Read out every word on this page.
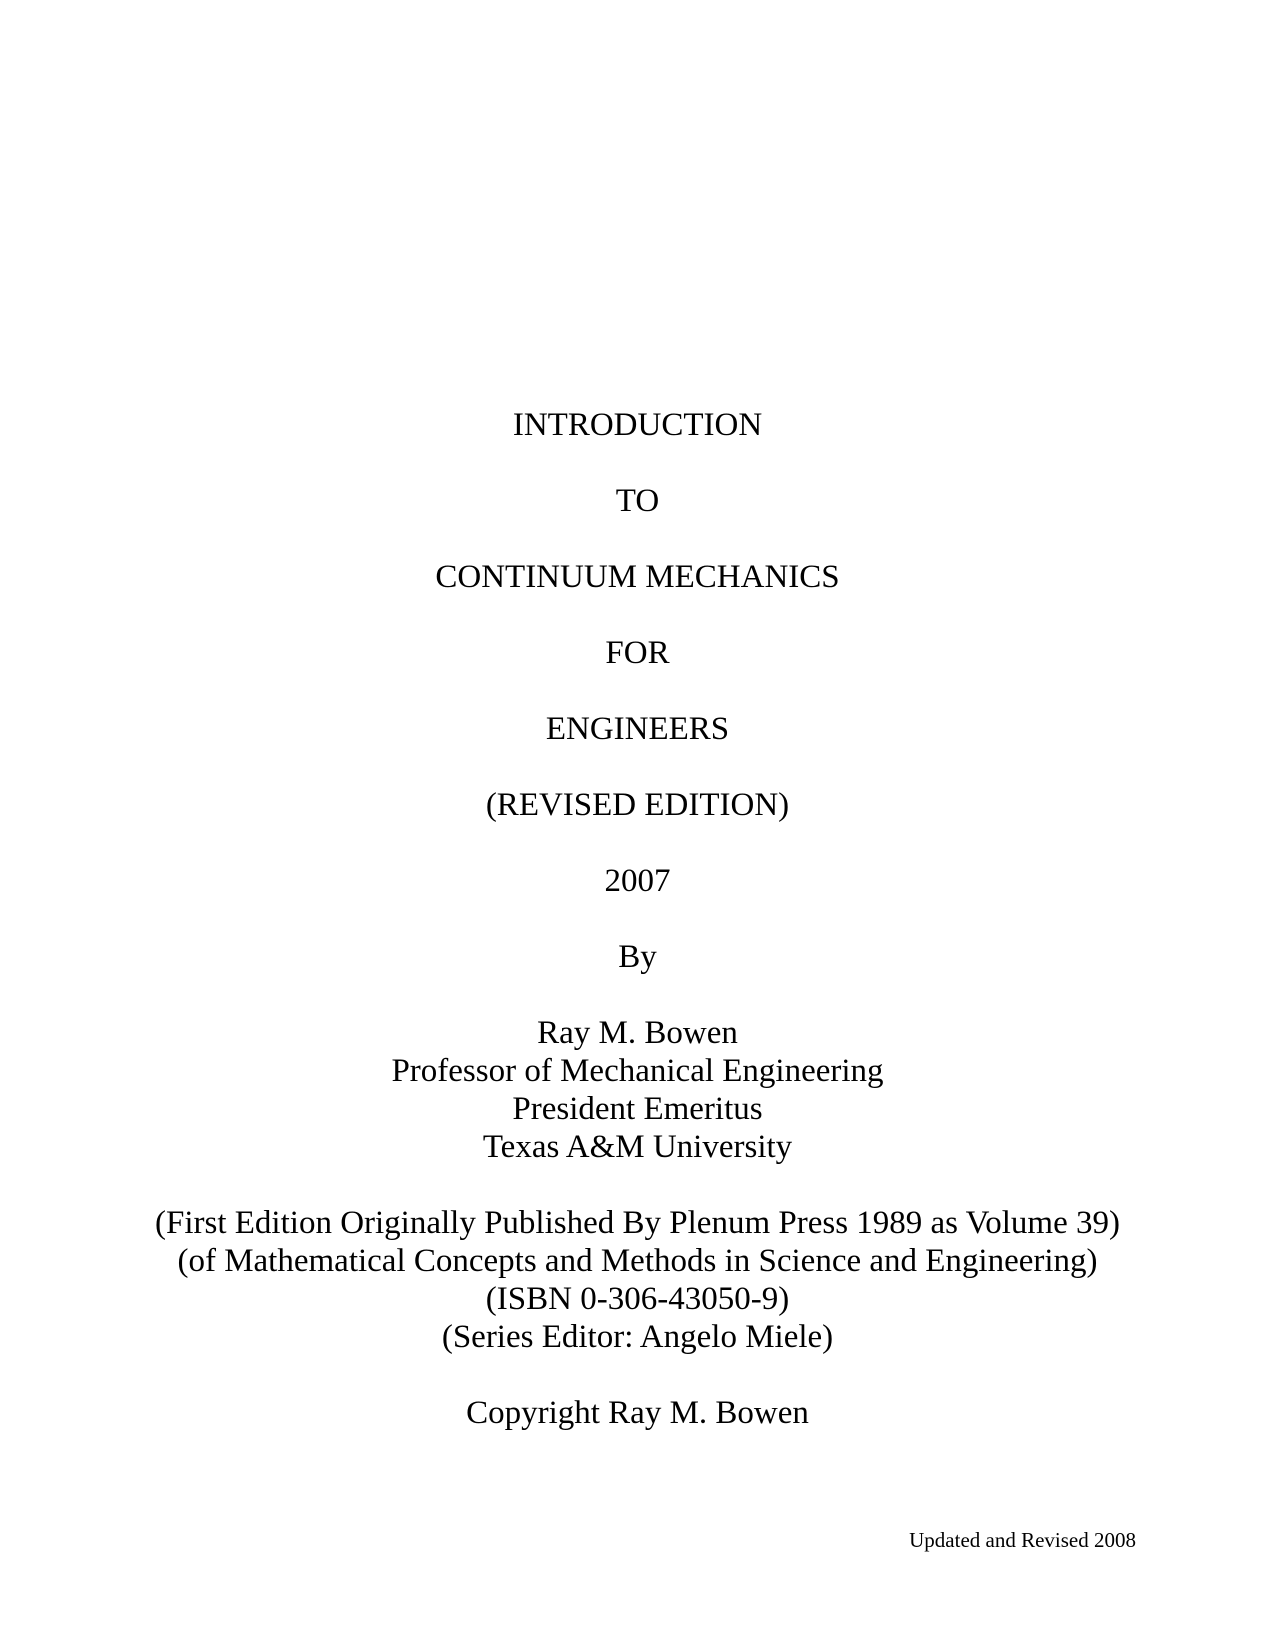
INTRODUCTION

TO

CONTINUUM MECHANICS

FOR

ENGINEERS

(REVISED EDITION)

2007

By

Ray M. Bowen

Professor of Mechanical Engineering

President Emeritus

Texas A&M University

(First Edition Originally Published By Plenum Press 1989 as Volume 39)

(of Mathematical Concepts and Methods in Science and Engineering)

(ISBN 0-306-43050-9)

(Series Editor: Angelo Miele)

Copyright Ray M. Bowen

Updated and Revised 2008
